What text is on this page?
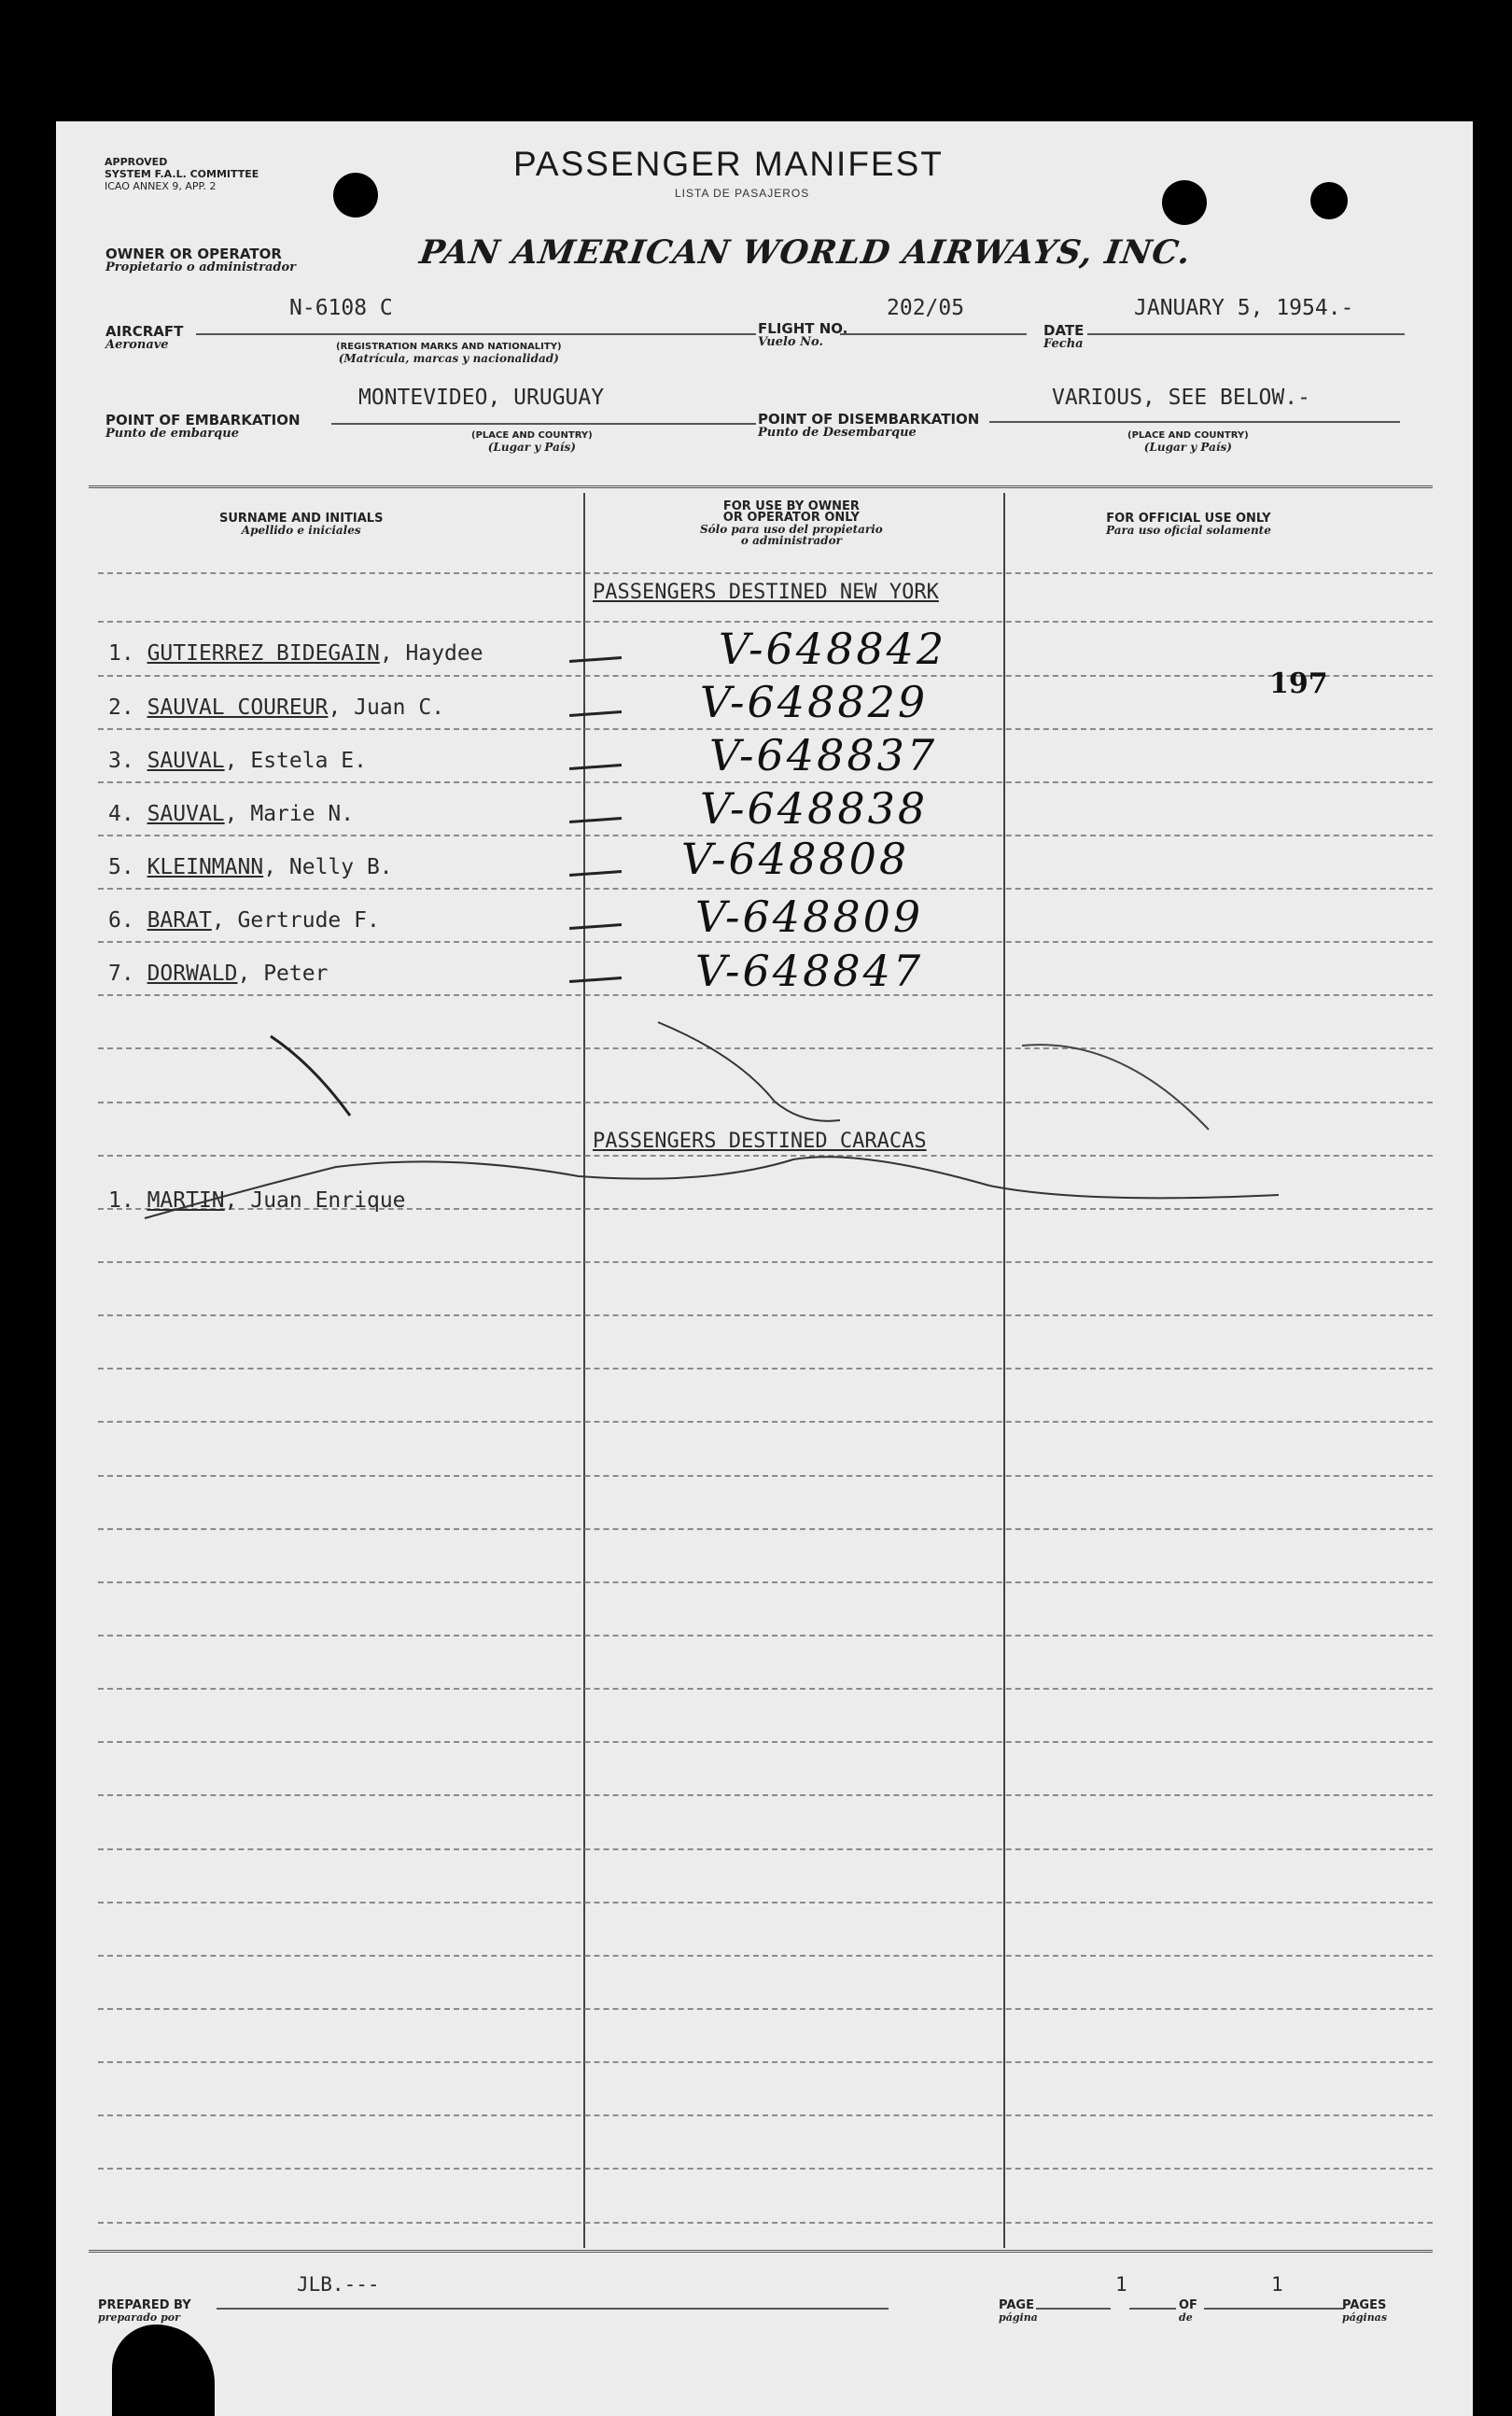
APPROVED
SYSTEM F.A.L. COMMITTEE
ICAO ANNEX 9, APP. 2
PASSENGER MANIFEST
LISTA DE PASAJEROS
OWNER OR OPERATOR
Propietario o administrador	PAN AMERICAN WORLD AIRWAYS, INC.
N-6108 C
AIRCRAFT
Aeronave	(REGISTRATION MARKS AND NATIONALITY)
(Matrícula, marcas y nacionalidad)
202/05
FLIGHT NO.
Vuelo No.
JANUARY 5, 1954.-
DATE
Fecha
MONTEVIDEO, URUGUAY
POINT OF EMBARKATION
Punto de embarque	(PLACE AND COUNTRY)
(Lugar y País)
VARIOUS, SEE BELOW.-
POINT OF DISEMBARKATION
Punto de Desembarque	(PLACE AND COUNTRY)
(Lugar y País)
SURNAME AND INITIALS
Apellido e iniciales
FOR USE BY OWNER
OR OPERATOR ONLY
Sólo para uso del propietario
o administrador
FOR OFFICIAL USE ONLY
Para uso oficial solamente
PASSENGERS DESTINED NEW YORK
1. GUTIERREZ BIDEGAIN, Haydee	V-648842
2. SAUVAL COUREUR, Juan C.	V-648829
3. SAUVAL, Estela E.	V-648837
4. SAUVAL, Marie N.	V-648838
5. KLEINMANN, Nelly B.	V-648808
6. BARAT, Gertrude F.	V-648809
7. DORWALD, Peter	V-648847
197
PASSENGERS DESTINED CARACAS
1. MARTIN, Juan Enrique
PREPARED BY
preparado por
JLB.---
PAGE
página
1
OF
de
1
PAGES
páginas
